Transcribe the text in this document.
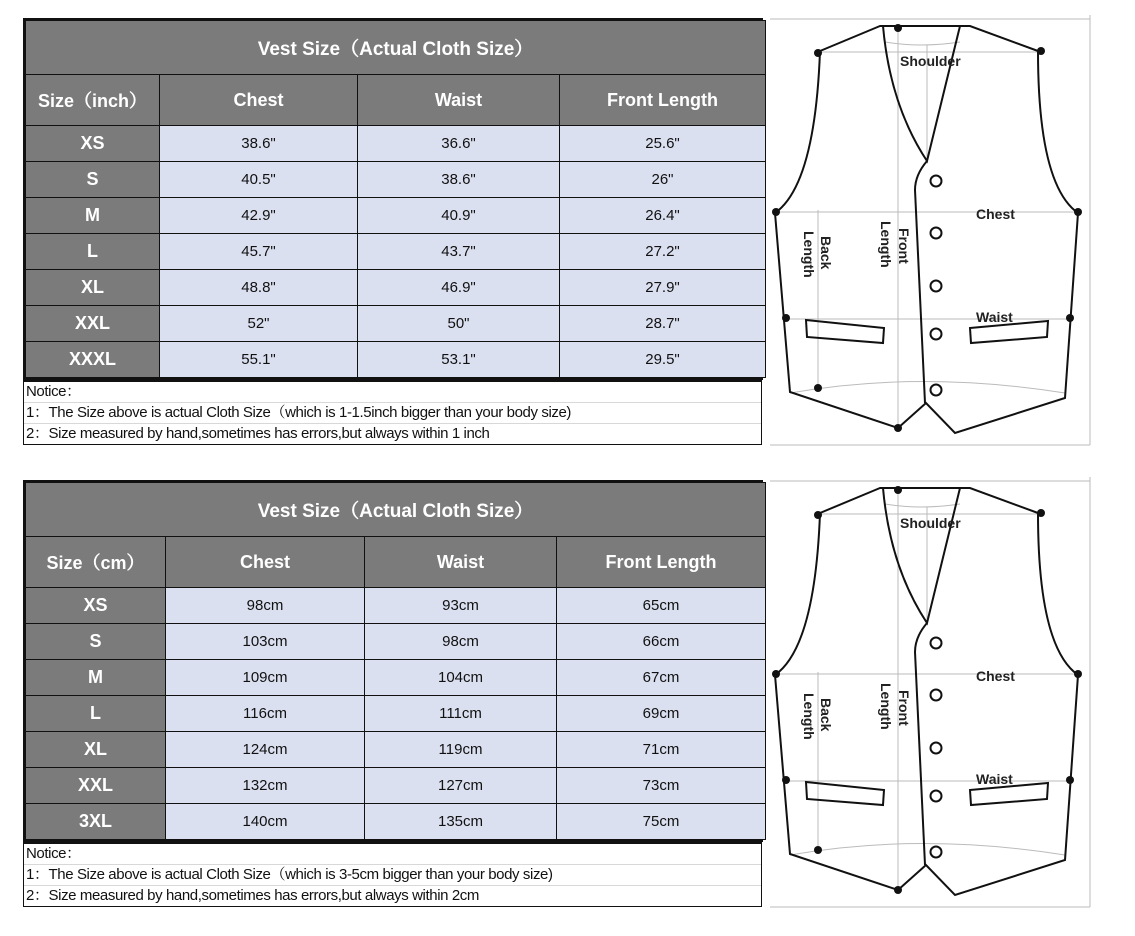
Vest Size（Actual Cloth Size）			
Size（inch）	Chest	Waist	Front Length
XS	38.6"	36.6"	25.6"
S	40.5"	38.6"	26"
M	42.9"	40.9"	26.4"
L	45.7"	43.7"	27.2"
XL	48.8"	46.9"	27.9"
XXL	52"	50"	28.7"
XXXL	55.1"	53.1"	29.5"
Notice：
1：The Size above is actual Cloth Size（which is 1-1.5inch bigger than your body size)
2：Size measured by hand,sometimes has errors,but always within 1 inch
Vest Size（Actual Cloth Size）			
Size（cm）	Chest	Waist	Front Length
XS	98cm	93cm	65cm
S	103cm	98cm	66cm
M	109cm	104cm	67cm
L	116cm	111cm	69cm
XL	124cm	119cm	71cm
XXL	132cm	127cm	73cm
3XL	140cm	135cm	75cm
Notice：
1：The Size above is actual Cloth Size（which is 3-5cm bigger than your body size)
2：Size measured by hand,sometimes has errors,but always within 2cm
Shoulder
Chest
Waist
Front
Length
Back
Length
Shoulder
Chest
Waist
Front
Length
Back
Length
